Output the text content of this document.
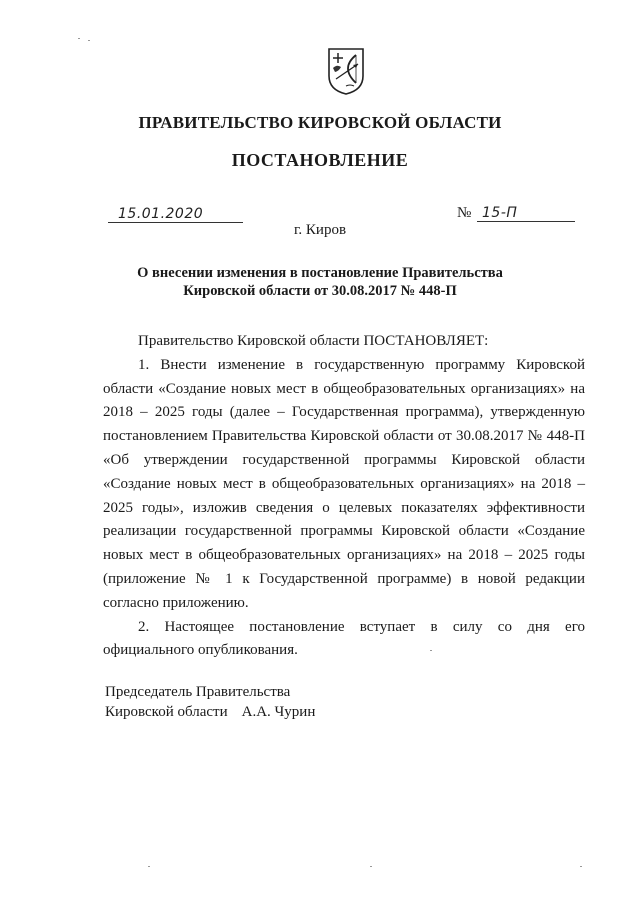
ПРАВИТЕЛЬСТВО КИРОВСКОЙ ОБЛАСТИ
ПОСТАНОВЛЕНИЕ
15.01.2020	№ 15-П
г. Киров
О внесении изменения в постановление Правительства
Кировской области от 30.08.2017 № 448-П

Правительство Кировской области ПОСТАНОВЛЯЕТ:

1. Внести изменение в государственную программу Кировской области «Создание новых мест в общеобразовательных организациях» на 2018 – 2025 годы (далее – Государственная программа), утвержденную постановлением Правительства Кировской области от 30.08.2017 № 448-П «Об утверждении государственной программы Кировской области «Создание новых мест в общеобразовательных организациях» на 2018 – 2025 годы», изложив сведения о целевых показателях эффективности реализации государственной программы Кировской области «Создание новых мест в общеобразовательных организациях» на 2018 – 2025 годы (приложение № 1 к Государственной программе) в новой редакции согласно приложению.

2. Настоящее постановление вступает в силу со дня его официального опубликования.

Председатель Правительства
Кировской области А.А. Чурин
